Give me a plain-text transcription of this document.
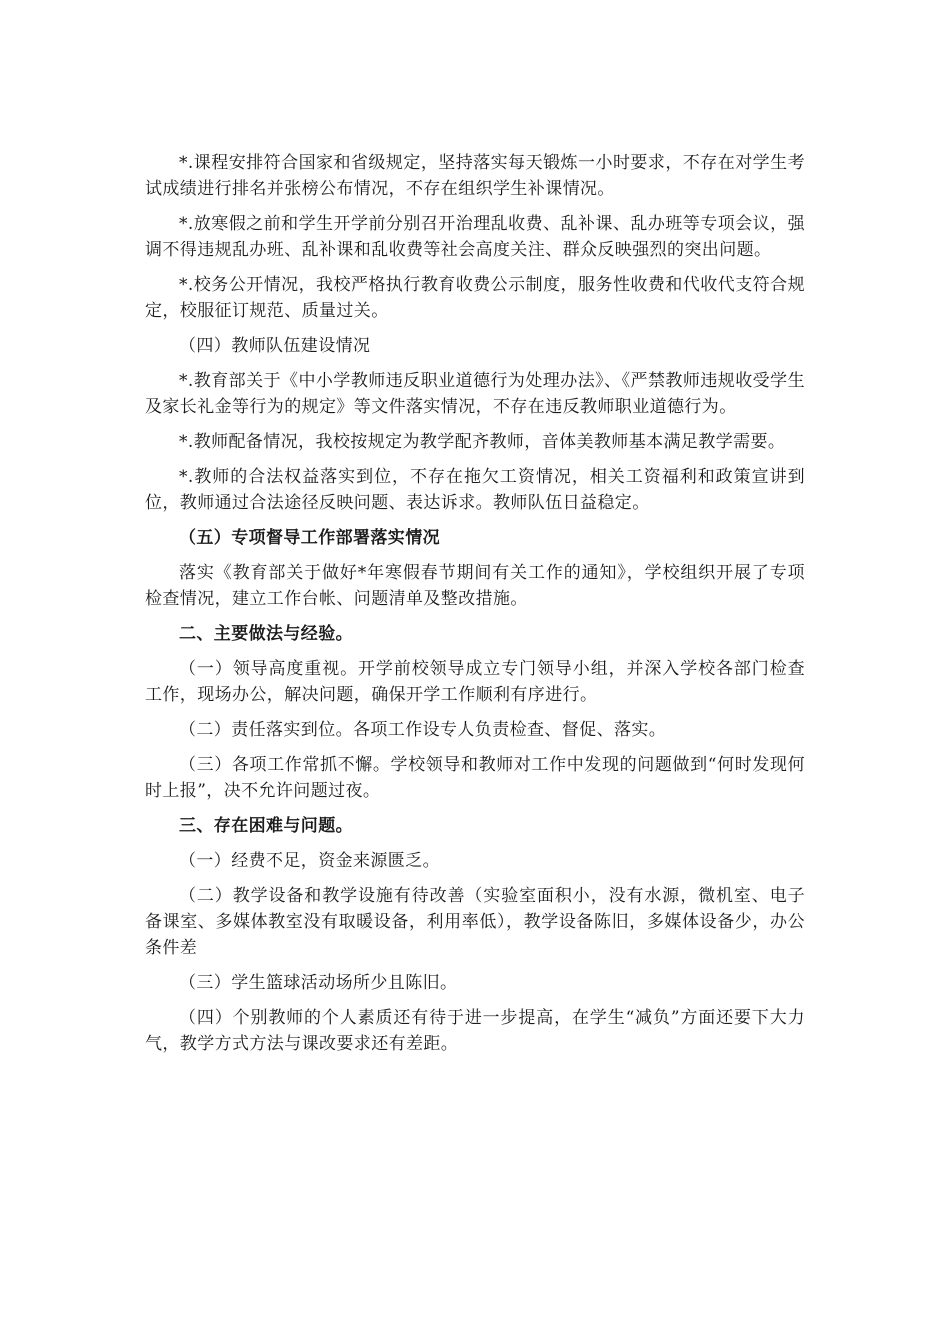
*.课程安排符合国家和省级规定，坚持落实每天锻炼一小时要求，不存在对学生考试成绩进行排名并张榜公布情况，不存在组织学生补课情况。

*.放寒假之前和学生开学前分别召开治理乱收费、乱补课、乱办班等专项会议，强调不得违规乱办班、乱补课和乱收费等社会高度关注、群众反映强烈的突出问题。

*.校务公开情况，我校严格执行教育收费公示制度，服务性收费和代收代支符合规定，校服征订规范、质量过关。

（四）教师队伍建设情况

*.教育部关于《中小学教师违反职业道德行为处理办法》、《严禁教师违规收受学生及家长礼金等行为的规定》等文件落实情况，不存在违反教师职业道德行为。

*.教师配备情况，我校按规定为教学配齐教师，音体美教师基本满足教学需要。

*.教师的合法权益落实到位，不存在拖欠工资情况，相关工资福利和政策宣讲到位，教师通过合法途径反映问题、表达诉求。教师队伍日益稳定。

（五）专项督导工作部署落实情况

落实《教育部关于做好*年寒假春节期间有关工作的通知》，学校组织开展了专项检查情况，建立工作台帐、问题清单及整改措施。

二、主要做法与经验。

（一）领导高度重视。开学前校领导成立专门领导小组，并深入学校各部门检查工作，现场办公，解决问题，确保开学工作顺利有序进行。

（二）责任落实到位。各项工作设专人负责检查、督促、落实。

（三）各项工作常抓不懈。学校领导和教师对工作中发现的问题做到“何时发现何时上报”，决不允许问题过夜。

三、存在困难与问题。

（一）经费不足，资金来源匮乏。

（二）教学设备和教学设施有待改善（实验室面积小，没有水源，微机室、电子备课室、多媒体教室没有取暖设备，利用率低），教学设备陈旧，多媒体设备少，办公条件差

（三）学生篮球活动场所少且陈旧。

（四）个别教师的个人素质还有待于进一步提高，在学生“减负”方面还要下大力气，教学方式方法与课改要求还有差距。
